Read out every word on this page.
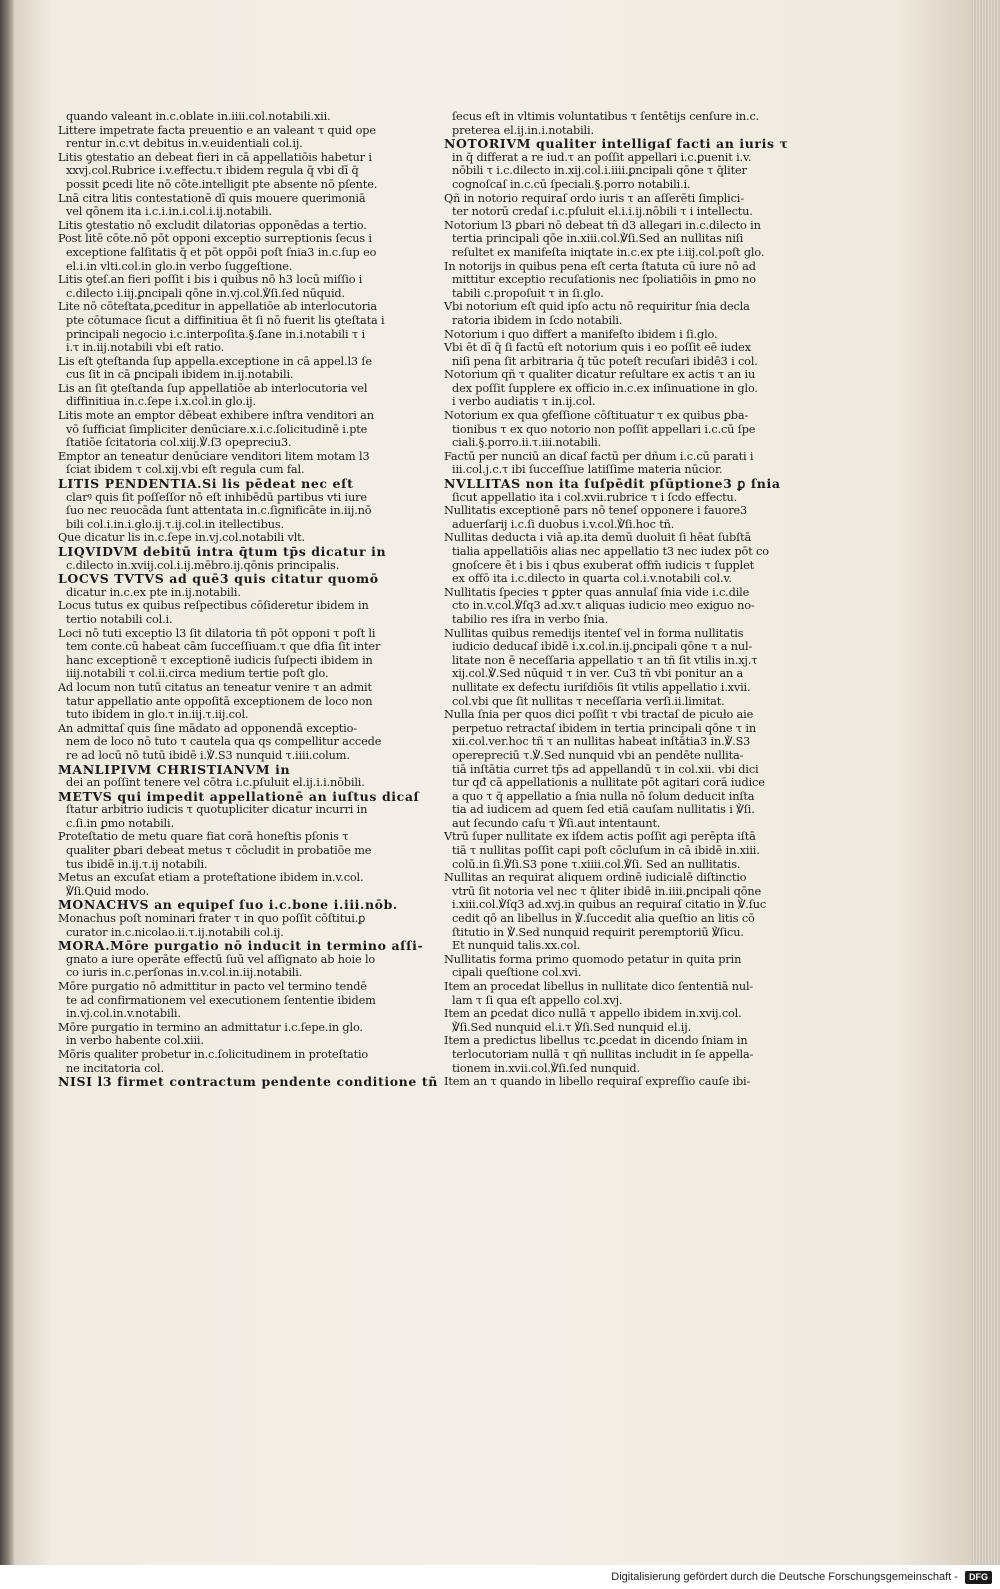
quando valeant in.c.oblate in.iiii.col.notabili.xii.
Littere impetrate facta preuentio e an valeant τ quid ope
rentur in.c.vt debitus in.v.euidentiali col.ij.
Litis ꝯtestatio an debeat fieri in cā appellatiōis habetur i
xxvj.col.Rubrice i.v.effectu.τ ibidem regula q̄ vbi dī q̄
possit ꝑcedi lite nō cōte.intelligit pte absente nō pſente.
Lnā citra litis contestationē dī quis mouere querimoniā
vel qōnem ita i.c.i.in.i.col.i.ij.notabili.
Litis ꝯtestatio nō excludit dilatorias opponēdas a tertio.
Post litē cōte.nō pōt opponi exceptio surreptionis ſecus i
exceptione falſitatis q̄ et pōt oppōi poſt ſnia3 in.c.ſup eo
el.i.in vlti.col.in glo.in verbo ſuggeſtione.
Litis ꝯteſ.an fieri poſſit i bis i quibus nō h3 locū miſſio i
c.dilecto i.iij.ꝑncipali qōne in.vj.col.℣ſi.ſed nūquid.
Lite nō cōteſtata,ꝑceditur in appellatiōe ab interlocutoria
pte cōtumace ſicut a diffinitiua ēt ſi nō fuerit lis ꝯteſtata i
principali negocio i.c.interpoſita.§.ſane in.i.notabili τ i
i.τ in.iij.notabili vbi eſt ratio.
Lis eſt ꝯteſtanda ſup appella.exceptione in cā appel.l3 ſe
cus ſit in cā ꝑncipali ibidem in.ij.notabili.
Lis an ſit ꝯteſtanda ſup appellatiōe ab interlocutoria vel
diffinitiua in.c.ſepe i.x.col.in glo.ij.
Litis mote an emptor dēbeat exhibere inſtra venditori an
vō ſufficiat ſimpliciter denūciare.x.i.c.ſolicitudinē i.pte
ſtatiōe ſcitatoria col.xiij.℣.ſ3 opepreciu3.
Emptor an teneatur denūciare venditori litem motam l3
ſciat ibidem τ col.xij.vbi eſt regula cum fal.
LITIS PENDENTIA.Si lis pēdeat nec eſt
clarꝰ quis ſit poſſeſſor nō eſt inhibēdū partibus vti iure
ſuo nec reuocāda ſunt attentata in.c.ſignificāte in.iij.nō
bili col.i.in.i.glo.ij.τ.ij.col.in itellectibus.
Que dicatur lis in.c.ſepe in.vj.col.notabili vlt.
LIQVIDVM debitū intra q̄tum tp̄s dicatur in
c.dilecto in.xviij.col.i.ij.mēbro.ij.qōnis principalis.
LOCVS TVTVS ad quē3 quis citatur quomō
dicatur in.c.ex pte in.ij.notabili.
Locus tutus ex quibus reſpectibus cōſideretur ibidem in
tertio notabili col.i.
Loci nō tuti exceptio l3 ſit dilatoria tñ pōt opponi τ poſt li
tem conte.cū habeat cām ſucceſſiuam.τ que dfia ſit inter
hanc exceptionē τ exceptionē iudicis ſuſpecti ibidem in
iiij.notabili τ col.ii.circa medium tertie poſt glo.
Ad locum non tutū citatus an teneatur venire τ an admit
tatur appellatio ante oppoſitā exceptionem de loco non
tuto ibidem in glo.τ in.iij.τ.iij.col.
An admittaſ quis ſine mādato ad opponendā exceptio-
nem de loco nō tuto τ cautela qua qs compellitur accede
re ad locū nō tutū ibidē i.℣.S3 nunquid τ.iiii.colum.
MANLIPIVM CHRISTIANVM in
dei an poſſint tenere vel cōtra i.c.pſuluit el.ij.i.i.nōbili.
METVS qui impedit appellationē an iuſtus dicaſ
ſtatur arbitrio iudicis τ quotupliciter dicatur incurri in
c.ſi.in ꝑmo notabili.
Proteſtatio de metu quare fiat corā honeſtis pſonis τ
qualiter ꝑbari debeat metus τ cōcludit in probatiōe me
tus ibidē in.ij.τ.ij notabili.
Metus an excuſat etiam a proteſtatione ibidem in.v.col.
℣ſi.Quid modo.
MONACHVS an equipeſ ſuo i.c.bone i.iii.nōb.
Monachus poſt nominari frater τ in quo poſſit cōſtitui.ꝑ
curator in.c.nicolao.ii.τ.ij.notabili col.ij.
MORA.Mōre purgatio nō inducit in termino aſſi-
gnato a iure operāte effectū ſuū vel aſſignato ab hoie lo
co iuris in.c.perſonas in.v.col.in.iij.notabili.
Mōre purgatio nō admittitur in pacto vel termino tendē
te ad confirmationem vel executionem ſententie ibidem
in.vj.col.in.v.notabili.
Mōre purgatio in termino an admittatur i.c.ſepe.in glo.
in verbo habente col.xiii.
Mōris qualiter probetur in.c.ſolicitudinem in proteſtatio
ne incitatoria col.
NISI l3 firmet contractum pendente conditione tñ
ſecus eſt in vltimis voluntatibus τ ſentētijs cenſure in.c.
preterea el.ij.in.i.notabili.
NOTORIVM qualiter intelligaſ facti an iuris τ
in q̄ differat a re iud.τ an poſſit appellari i.c.ꝑuenit i.v.
nōbili τ i.c.dilecto in.xij.col.i.iiii.ꝑncipali qōne τ q̄liter
cognoſcaſ in.c.cū ſpeciali.§.porro notabili.i.
Qñ in notorio requiraſ ordo iuris τ an aſſerēti ſimplici-
ter notorū credaſ i.c.pſuluit el.i.i.ij.nōbili τ i intellectu.
Notorium l3 ꝑbari nō debeat tñ d3 allegari in.c.dilecto in
tertia principali qōe in.xiii.col.℣ſi.Sed an nullitas niſi
reſultet ex manifeſta iniqtate in.c.ex pte i.iij.col.poſt glo.
In notorijs in quibus pena eſt certa ſtatuta cū iure nō ad
mittitur exceptio recuſationis nec ſpoliatiōis in ꝑmo no
tabili c.propoſuit τ in ſi.glo.
Vbi notorium eſt quid ipſo actu nō requiritur ſnia decla
ratoria ibidem in ſcdo notabili.
Notorium i quo differt a manifeſto ibidem i ſi.glo.
Vbi ēt dī q̄ ſi factū eſt notorium quis i eo poſſit eē iudex
niſi pena ſit arbitraria q̄ tūc poteſt recuſari ibidē3 i col.
Notorium qñ τ qualiter dicatur reſultare ex actis τ an iu
dex poſſit ſupplere ex officio in.c.ex inſinuatione in glo.
i verbo audiatis τ in.ij.col.
Notorium ex qua ꝯfeſſione cōſtituatur τ ex quibus ꝑba-
tionibus τ ex quo notorio non poſſit appellari i.c.cū ſpe
ciali.§.porro.ii.τ.iii.notabili.
Factū per nunciū an dicaſ factū per dñum i.c.cū parati i
iii.col.j.c.τ ibi ſucceſſiue latiſſime materia nūcior.
NVLLITAS non ita ſuſpēdit pſūptione3 ꝑ ſnia
ſicut appellatio ita i col.xvii.rubrice τ i ſcdo effectu.
Nullitatis exceptionē pars nō teneſ opponere i fauore3
aduerſarij i.c.ſi duobus i.v.col.℣ſi.hoc tñ.
Nullitas deducta i viā ap.ita demū duoluit ſi hēat ſubſtā
tialia appellatiōis alias nec appellatio t3 nec iudex pōt co
gnoſcere ēt i bis i qbus exuberat offm̄ iudicis τ ſupplet
ex offō ita i.c.dilecto in quarta col.i.v.notabili col.v.
Nullitatis ſpecies τ ꝑpter quas annulaſ ſnia vide i.c.dile
cto in.v.col.℣ſq3 ad.xv.τ aliquas iudicio meo exiguo no-
tabilio res iſra in verbo ſnia.
Nullitas quibus remedijs itenteſ vel in forma nullitatis
iudicio deducaſ ibidē i.x.col.in.ij.ꝑncipali qōne τ a nul-
litate non ē neceſſaria appellatio τ an tñ ſit vtilis in.xj.τ
xij.col.℣.Sed nūquid τ in ver. Cu3 tñ vbi ponitur an a
nullitate ex defectu iuriſdiōis ſit vtilis appellatio i.xvii.
col.vbi que ſit nullitas τ neceſſaria verſi.ii.limitat.
Nulla ſnia per quos dici poſſit τ vbi tractaſ de picuło aie
perpetuo retractaſ ibidem in tertia principali qōne τ in
xii.col.ver.hoc tñ τ an nullitas habeat inſtātia3 in.℣.S3
operepreciū τ.℣.Sed nunquid vbi an pendēte nullita-
tiā inſtātia curret tp̄s ad appellandū τ in col.xii. vbi dici
tur qđ cā appellationis a nullitate pōt agitari corā iudice
a quo τ q̄ appellatio a ſnia nulla nō ſolum deducit inſta
tia ad iudicem ad quem ſed etiā cauſam nullitatis i ℣ſi.
aut ſecundo caſu τ ℣ſi.aut intentaunt.
Vtrū ſuper nullitate ex iſdem actis poſſit agi perēpta iſtā
tiā τ nullitas poſſit capi poſt cōcluſum in cā ibidē in.xiii.
colū.in ſi.℣ſi.S3 pone τ.xiiii.col.℣ſi. Sed an nullitatis.
Nullitas an requirat aliquem ordinē iudicialē diſtinctio
vtrū ſit notoria vel nec τ q̄liter ibidē in.iiii.ꝑncipali qōne
i.xiii.col.℣ſq3 ad.xvj.in quibus an requiraſ citatio in ℣.ſuc
cedit qō an libellus in ℣.ſuccedit alia queſtio an litis cō
ſtitutio in ℣.Sed nunquid requirit peremptoriū ℣ſicu.
Et nunquid talis.xx.col.
Nullitatis forma primo quomodo petatur in quita prin
cipali queſtione col.xvi.
Item an procedat libellus in nullitate dico ſententiā nul-
lam τ ſi qua eſt appello col.xvj.
Item an ꝑcedat dico nullā τ appello ibidem in.xvij.col.
℣ſi.Sed nunquid el.i.τ ℣ſi.Sed nunquid el.ij.
Item a predictus libellus τc.ꝑcedat in dicendo ſniam in
terlocutoriam nullā τ qñ nullitas includit in ſe appella-
tionem in.xvii.col.℣ſi.ſed nunquid.
Item an τ quando in libello requiraſ expreſſio cauſe ibi-
Digitalisierung gefördert durch die Deutsche Forschungsgemeinschaft - DFG
